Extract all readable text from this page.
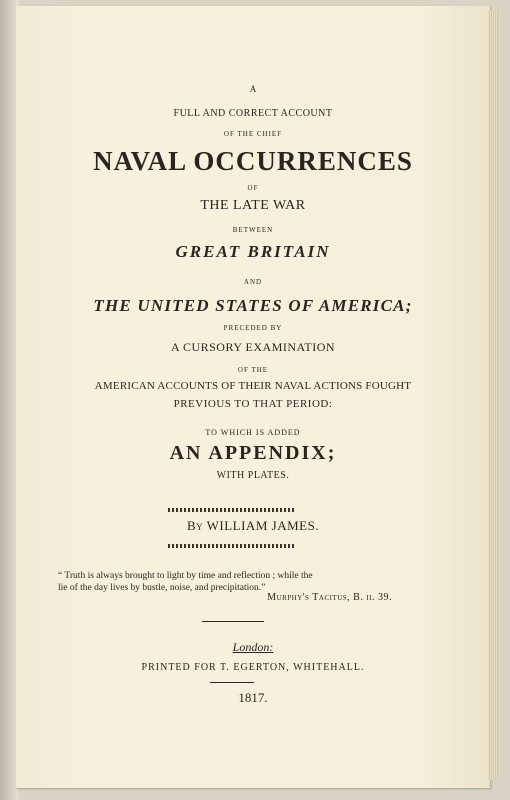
A
FULL AND CORRECT ACCOUNT
OF THE CHIEF
NAVAL OCCURRENCES
OF
THE LATE WAR
BETWEEN
GREAT BRITAIN
AND
THE UNITED STATES OF AMERICA;
PRECEDED BY
A CURSORY EXAMINATION
OF THE
AMERICAN ACCOUNTS OF THEIR NAVAL ACTIONS FOUGHT
PREVIOUS TO THAT PERIOD:
TO WHICH IS ADDED
AN APPENDIX;
WITH PLATES.
By WILLIAM JAMES.
“ Truth is always brought to light by time and reflection ; while the
lie of the day lives by bustle, noise, and precipitation.”
Murphy's Tacitus, B. ii. 39.
London:
PRINTED FOR T. EGERTON, WHITEHALL.
1817.
